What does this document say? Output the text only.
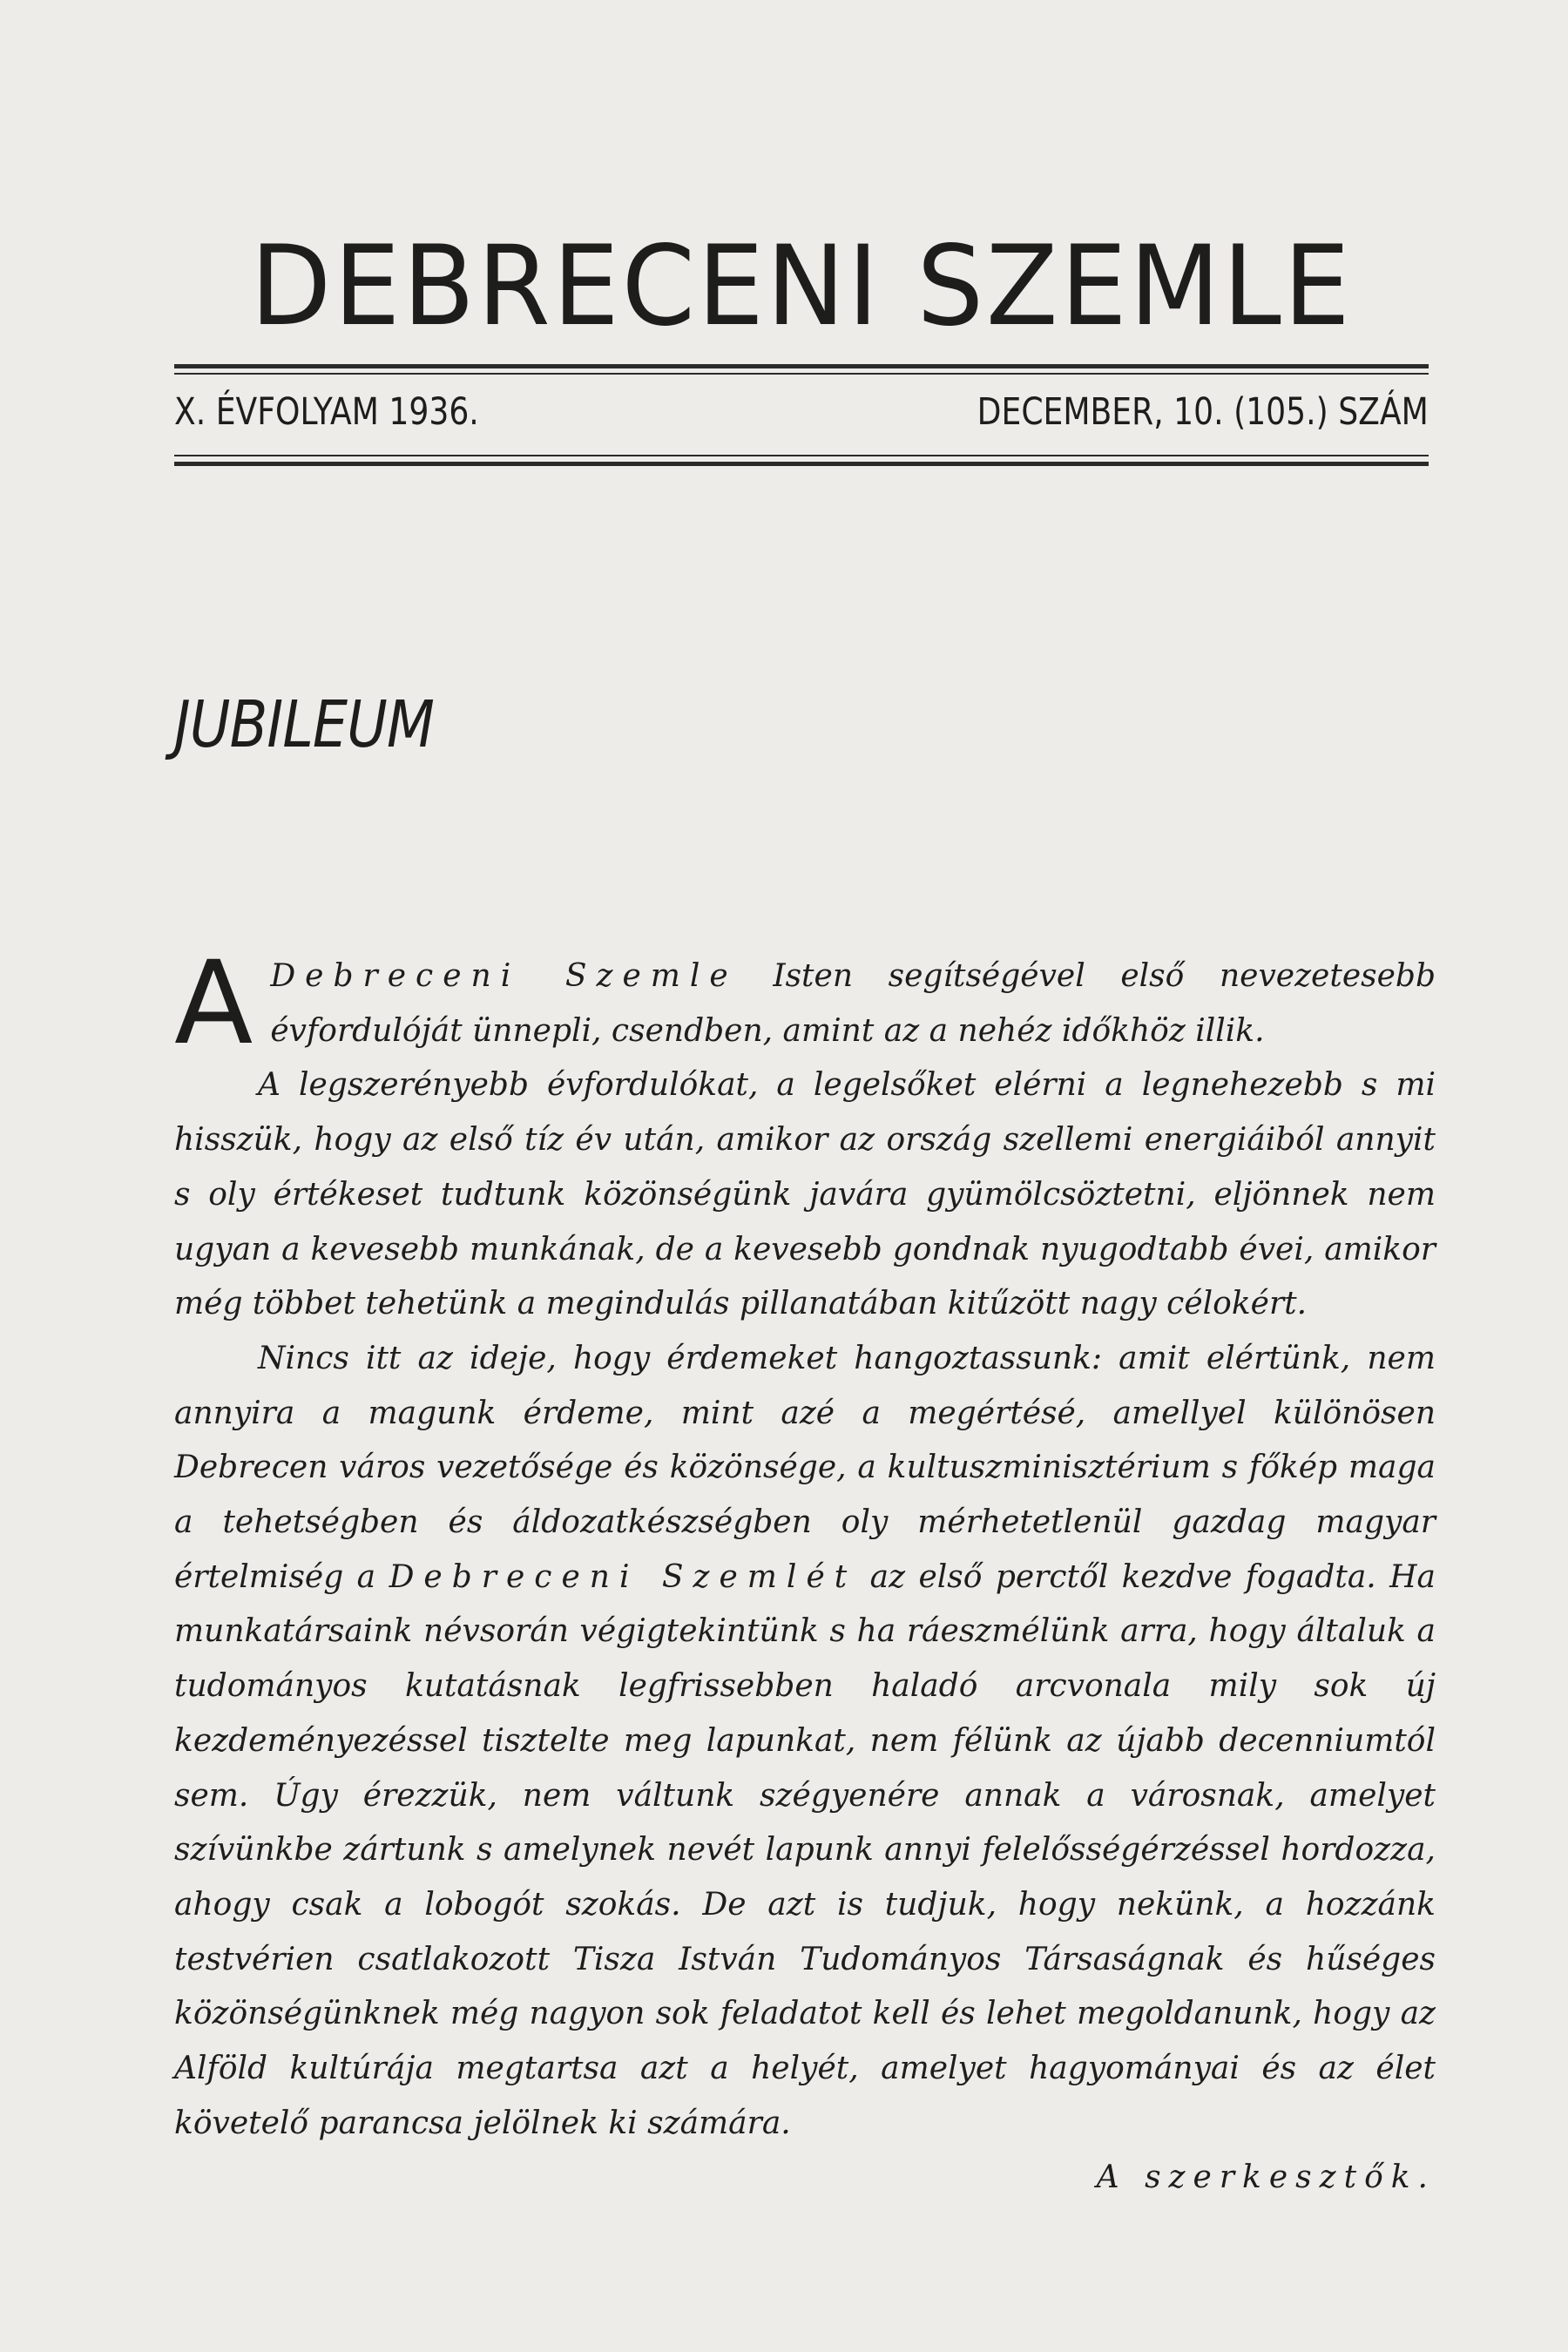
DEBRECENI SZEMLE
X. ÉVFOLYAM 1936.	DECEMBER, 10. (105.) SZÁM
JUBILEUM

A Debreceni Szemle Isten segítségével első nevezetesebb évfordulóját ünnepli, csendben, amint az a nehéz időkhöz illik.

A legszerényebb évfordulókat, a legelsőket elérni a legnehezebb s mi hisszük, hogy az első tíz év után, amikor az ország szellemi energiáiból annyit s oly értékeset tudtunk közönségünk javára gyümölcsöztetni, eljönnek nem ugyan a kevesebb munkának, de a kevesebb gondnak nyugodtabb évei, amikor még többet tehetünk a megindulás pillanatában kitűzött nagy célokért.

Nincs itt az ideje, hogy érdemeket hangoztassunk: amit elértünk, nem annyira a magunk érdeme, mint azé a megértésé, amellyel különösen Debrecen város vezetősége és közönsége, a kultuszminisztérium s főkép maga a tehetségben és áldozatkészségben oly mérhetetlenül gazdag magyar értelmiség a Debreceni Szemlét az első perctől kezdve fogadta. Ha munkatársaink névsorán végigtekintünk s ha ráeszmélünk arra, hogy általuk a tudományos kutatásnak legfrissebben haladó arcvonala mily sok új kezdeményezéssel tisztelte meg lapunkat, nem félünk az újabb decenniumtól sem. Úgy érezzük, nem váltunk szégyenére annak a városnak, amelyet szívünkbe zártunk s amelynek nevét lapunk annyi felelősségérzéssel hordozza, ahogy csak a lobogót szokás. De azt is tudjuk, hogy nekünk, a hozzánk testvérien csatlakozott Tisza István Tudományos Társaságnak és hűséges közönségünknek még nagyon sok feladatot kell és lehet megoldanunk, hogy az Alföld kultúrája megtartsa azt a helyét, amelyet hagyományai és az élet követelő parancsa jelölnek ki számára.

A szerkesztők.
